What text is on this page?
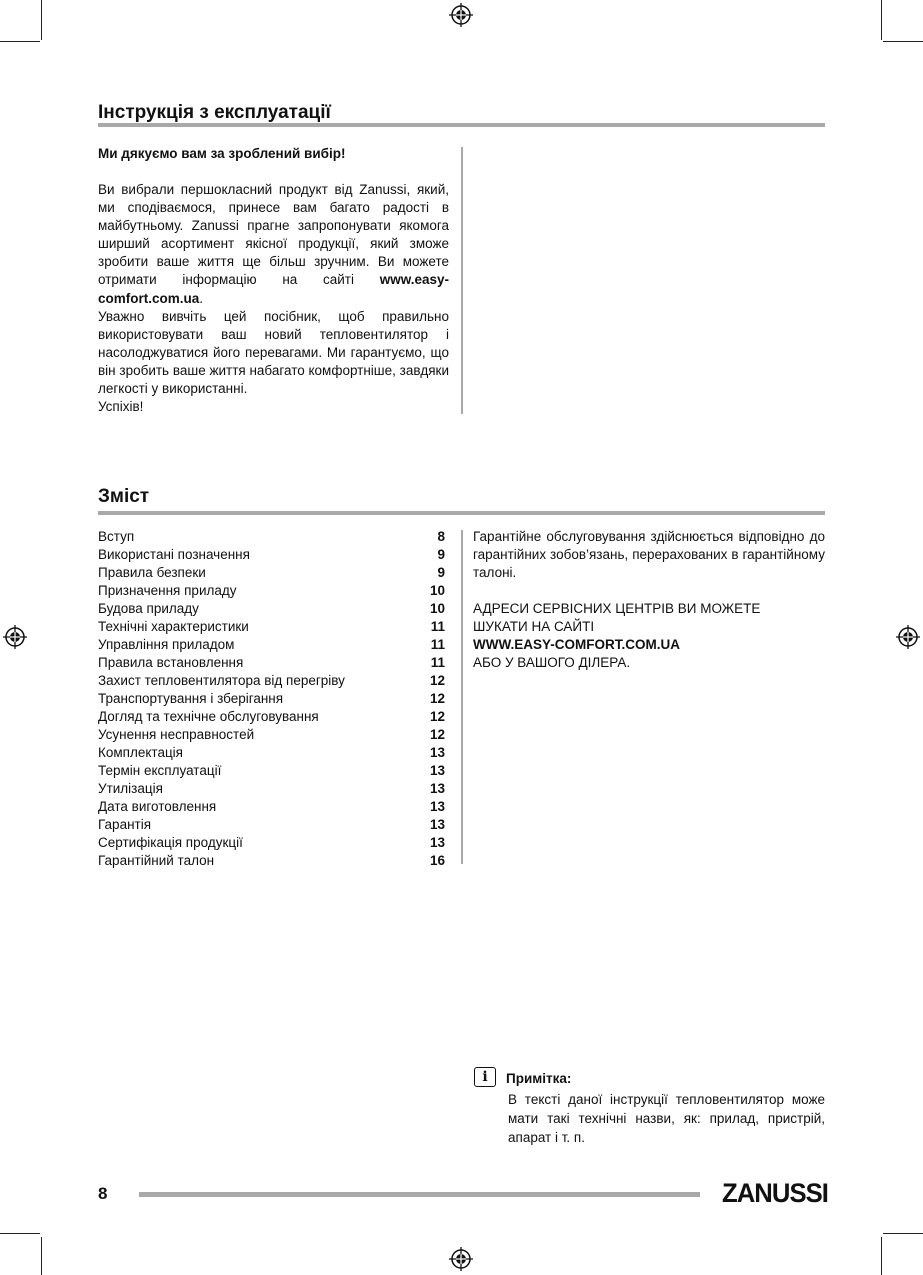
Інструкція з експлуатації
Ми дякуємо вам за зроблений вибір!

Ви вибрали першокласний продукт від Zanussi, який, ми сподіваємося, принесе вам багато радості в майбутньому. Zanussi прагне запропонувати якомога ширший асортимент якісної продукції, який зможе зробити ваше життя ще більш зручним. Ви можете отримати інформацію на сайті www.easy-comfort.com.ua.

Уважно вивчіть цей посібник, щоб правильно використовувати ваш новий тепловентилятор і насолоджуватися його перевагами. Ми гарантуємо, що він зробить ваше життя набагато комфортніше, завдяки легкості у використанні.

Успіхів!

Зміст
Вступ	8
Використані позначення	9
Правила безпеки	9
Призначення приладу	10
Будова приладу	10
Технічні характеристики	11
Управління приладом	11
Правила встановлення	11
Захист тепловентилятора від перегріву	12
Транспортування і зберігання	12
Догляд та технічне обслуговування	12
Усунення несправностей	12
Комплектація	13
Термін експлуатації	13
Утилізація	13
Дата виготовлення	13
Гарантія	13
Сертифікація продукції	13
Гарантійний талон	16
Гарантійне обслуговування здійснюється відповідно до гарантійних зобов’язань, перерахованих в гарантійному талоні.
АДРЕСИ СЕРВІСНИХ ЦЕНТРІВ ВИ МОЖЕТЕ
ШУКАТИ НА САЙТІ
WWW.EASY-COMFORT.COM.UA
АБО У ВАШОГО ДІЛЕРА.
i	Примітка:
В тексті даної інструкції тепловентилятор може мати такі технічні назви, як: прилад, пристрій, апарат і т. п.
8	ZANUSSI
